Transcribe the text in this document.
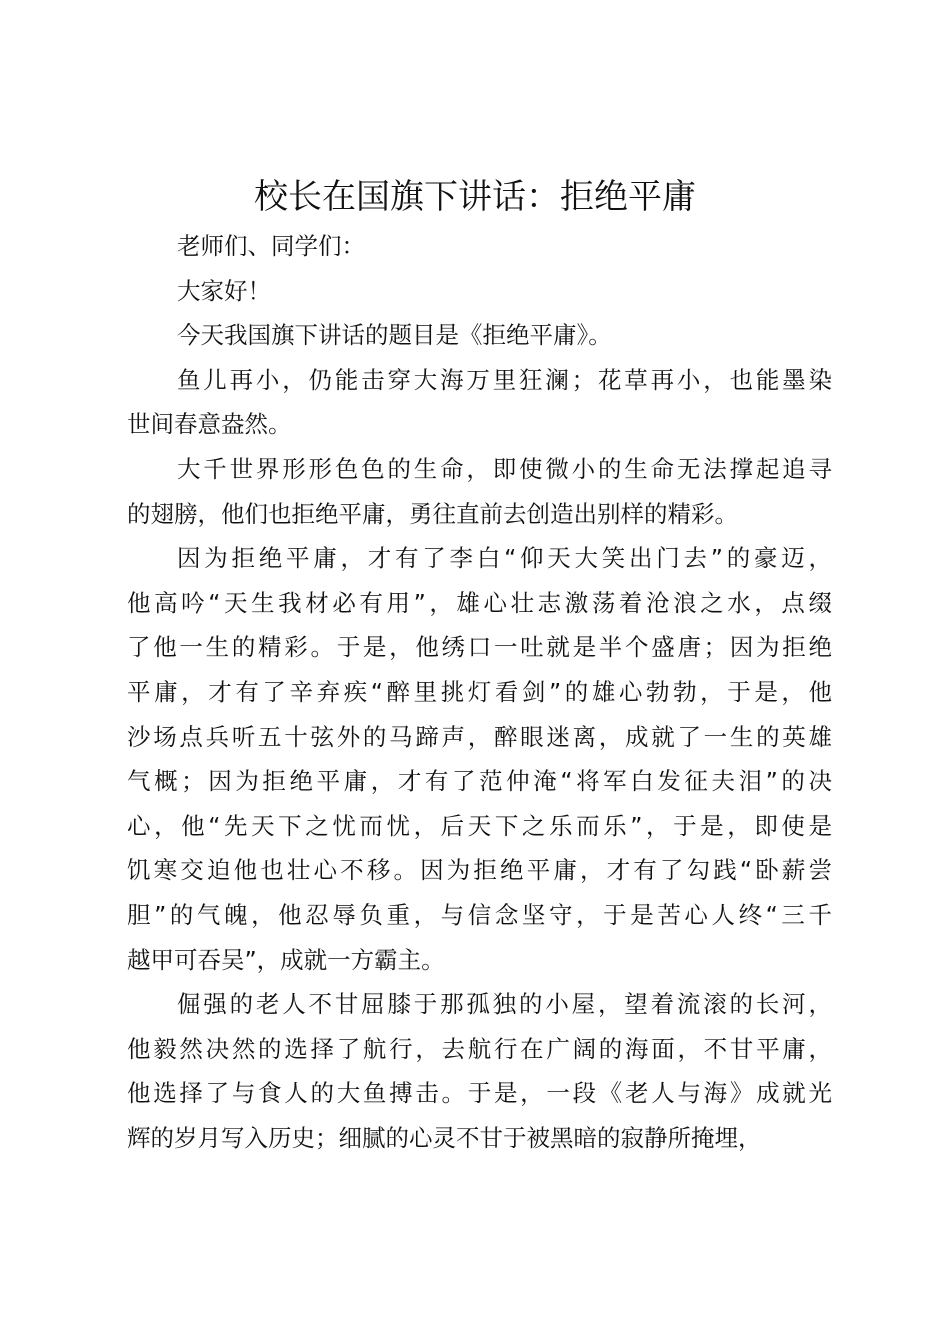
校长在国旗下讲话：拒绝平庸
老师们、同学们：
大家好！
今天我国旗下讲话的题目是《拒绝平庸》。
鱼儿再小，仍能击穿大海万里狂澜；花草再小，也能墨染
世间春意盎然。
大千世界形形色色的生命，即使微小的生命无法撑起追寻
的翅膀，他们也拒绝平庸，勇往直前去创造出别样的精彩。
因为拒绝平庸，才有了李白“仰天大笑出门去”的豪迈，
他高吟“天生我材必有用”，雄心壮志激荡着沧浪之水，点缀
了他一生的精彩。于是，他绣口一吐就是半个盛唐；因为拒绝
平庸，才有了辛弃疾“醉里挑灯看剑”的雄心勃勃，于是，他
沙场点兵听五十弦外的马蹄声，醉眼迷离，成就了一生的英雄
气概；因为拒绝平庸，才有了范仲淹“将军白发征夫泪”的决
心，他“先天下之忧而忧，后天下之乐而乐”，于是，即使是
饥寒交迫他也壮心不移。因为拒绝平庸，才有了勾践“卧薪尝
胆”的气魄，他忍辱负重，与信念坚守，于是苦心人终“三千
越甲可吞吴”，成就一方霸主。
倔强的老人不甘屈膝于那孤独的小屋，望着流滚的长河，
他毅然决然的选择了航行，去航行在广阔的海面，不甘平庸，
他选择了与食人的大鱼搏击。于是，一段《老人与海》成就光
辉的岁月写入历史；细腻的心灵不甘于被黑暗的寂静所掩埋，
